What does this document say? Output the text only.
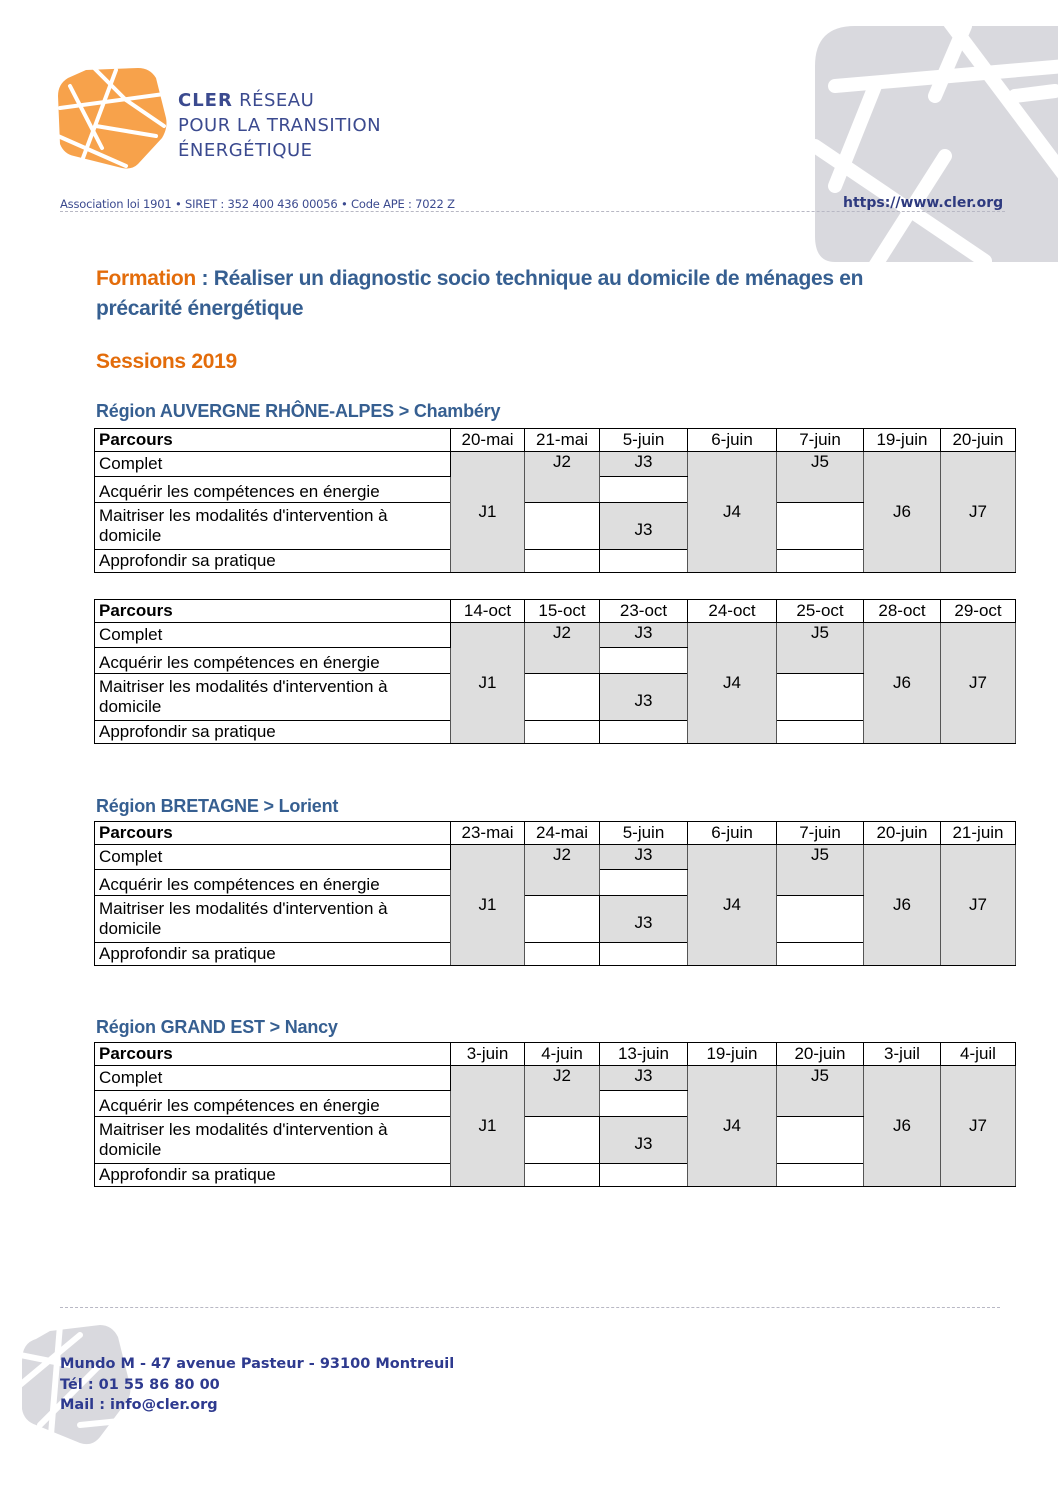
CLER RÉSEAU
POUR LA TRANSITION
ÉNERGÉTIQUE
Association loi 1901 • SIRET : 352 400 436 00056 • Code APE : 7022 Z	https://www.cler.org
Formation : Réaliser un diagnostic socio technique au domicile de ménages en précarité énergétique
Sessions 2019
Région AUVERGNE RHÔNE-ALPES > Chambéry
Parcours	20-mai	21-mai	5-juin	6-juin	7-juin	19-juin	20-juin
Complet	J1	J2	J3	J4	J5	J6	J7
Acquérir les compétences en énergie							
Maitriser les modalités d'intervention à domicile			J3				
Approfondir sa pratique							
Parcours	14-oct	15-oct	23-oct	24-oct	25-oct	28-oct	29-oct
Complet	J1	J2	J3	J4	J5	J6	J7
Acquérir les compétences en énergie							
Maitriser les modalités d'intervention à domicile			J3				
Approfondir sa pratique							
Parcours	23-mai	24-mai	5-juin	6-juin	7-juin	20-juin	21-juin
Complet	J1	J2	J3	J4	J5	J6	J7
Acquérir les compétences en énergie							
Maitriser les modalités d'intervention à domicile			J3				
Approfondir sa pratique							
Parcours	3-juin	4-juin	13-juin	19-juin	20-juin	3-juil	4-juil
Complet	J1	J2	J3	J4	J5	J6	J7
Acquérir les compétences en énergie							
Maitriser les modalités d'intervention à domicile			J3				
Approfondir sa pratique							
Région BRETAGNE > Lorient
Région GRAND EST > Nancy
Mundo M - 47 avenue Pasteur - 93100 Montreuil
Tél : 01 55 86 80 00
Mail : info@cler.org
